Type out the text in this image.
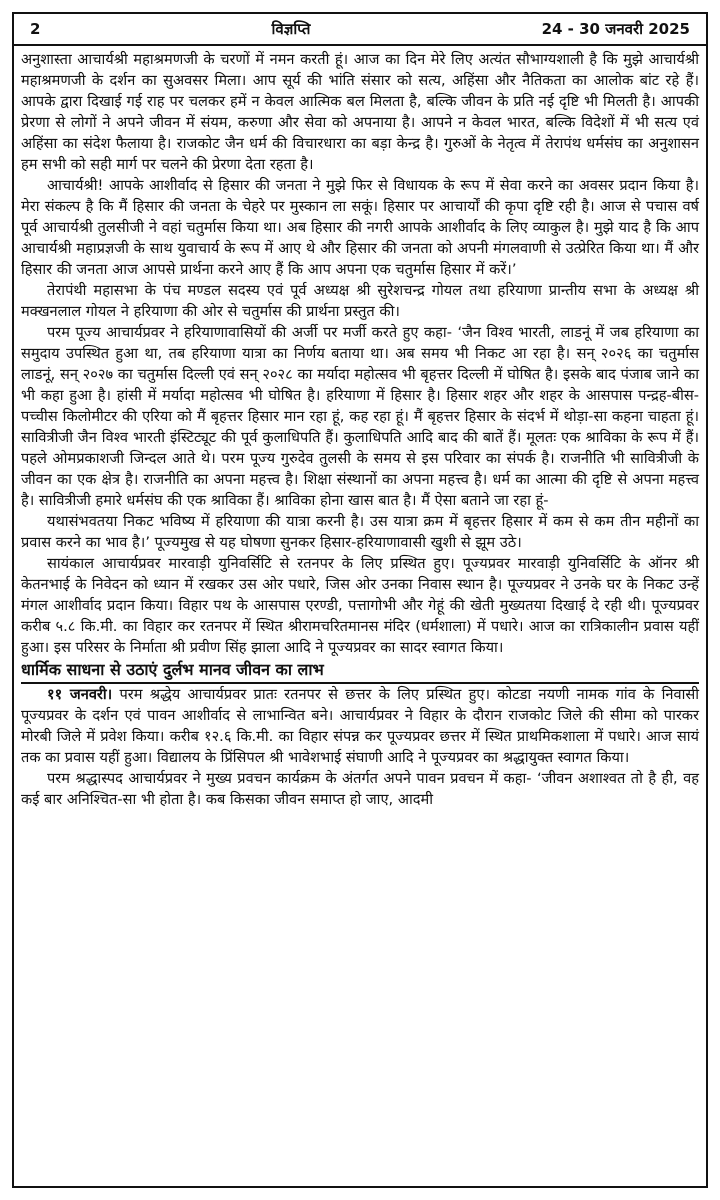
2	विज्ञप्ति	24 - 30 जनवरी 2025

अनुशास्ता आचार्यश्री महाश्रमणजी के चरणों में नमन करती हूं। आज का दिन मेरे लिए अत्यंत सौभाग्यशाली है कि मुझे आचार्यश्री महाश्रमणजी के दर्शन का सुअवसर मिला। आप सूर्य की भांति संसार को सत्य, अहिंसा और नैतिकता का आलोक बांट रहे हैं। आपके द्वारा दिखाई गई राह पर चलकर हमें न केवल आत्मिक बल मिलता है, बल्कि जीवन के प्रति नई दृष्टि भी मिलती है। आपकी प्रेरणा से लोगों ने अपने जीवन में संयम, करुणा और सेवा को अपनाया है। आपने न केवल भारत, बल्कि विदेशों में भी सत्य एवं अहिंसा का संदेश फैलाया है। राजकोट जैन धर्म की विचारधारा का बड़ा केन्द्र है। गुरुओं के नेतृत्व में तेरापंथ धर्मसंघ का अनुशासन हम सभी को सही मार्ग पर चलने की प्रेरणा देता रहता है।

आचार्यश्री! आपके आशीर्वाद से हिसार की जनता ने मुझे फिर से विधायक के रूप में सेवा करने का अवसर प्रदान किया है। मेरा संकल्प है कि मैं हिसार की जनता के चेहरे पर मुस्कान ला सकूं। हिसार पर आचार्यों की कृपा दृष्टि रही है। आज से पचास वर्ष पूर्व आचार्यश्री तुलसीजी ने वहां चतुर्मास किया था। अब हिसार की नगरी आपके आशीर्वाद के लिए व्याकुल है। मुझे याद है कि आप आचार्यश्री महाप्रज्ञजी के साथ युवाचार्य के रूप में आए थे और हिसार की जनता को अपनी मंगलवाणी से उत्प्रेरित किया था। मैं और हिसार की जनता आज आपसे प्रार्थना करने आए हैं कि आप अपना एक चतुर्मास हिसार में करें।’

तेरापंथी महासभा के पंच मण्डल सदस्य एवं पूर्व अध्यक्ष श्री सुरेशचन्द्र गोयल तथा हरियाणा प्रान्तीय सभा के अध्यक्ष श्री मक्खनलाल गोयल ने हरियाणा की ओर से चतुर्मास की प्रार्थना प्रस्तुत की।

परम पूज्य आचार्यप्रवर ने हरियाणावासियों की अर्जी पर मर्जी करते हुए कहा- ‘जैन विश्व भारती, लाडनूं में जब हरियाणा का समुदाय उपस्थित हुआ था, तब हरियाणा यात्रा का निर्णय बताया था। अब समय भी निकट आ रहा है। सन् २०२६ का चतुर्मास लाडनूं, सन् २०२७ का चतुर्मास दिल्ली एवं सन् २०२८ का मर्यादा महोत्सव भी बृहत्तर दिल्ली में घोषित है। इसके बाद पंजाब जाने का भी कहा हुआ है। हांसी में मर्यादा महोत्सव भी घोषित है। हरियाणा में हिसार है। हिसार शहर और शहर के आसपास पन्द्रह-बीस-पच्चीस किलोमीटर की एरिया को मैं बृहत्तर हिसार मान रहा हूं, कह रहा हूं। मैं बृहत्तर हिसार के संदर्भ में थोड़ा-सा कहना चाहता हूं। सावित्रीजी जैन विश्व भारती इंस्टिट्यूट की पूर्व कुलाधिपति हैं। कुलाधिपति आदि बाद की बातें हैं। मूलतः एक श्राविका के रूप में हैं। पहले ओमप्रकाशजी जिन्दल आते थे। परम पूज्य गुरुदेव तुलसी के समय से इस परिवार का संपर्क है। राजनीति भी सावित्रीजी के जीवन का एक क्षेत्र है। राजनीति का अपना महत्त्व है। शिक्षा संस्थानों का अपना महत्त्व है। धर्म का आत्मा की दृष्टि से अपना महत्त्व है। सावित्रीजी हमारे धर्मसंघ की एक श्राविका हैं। श्राविका होना खास बात है। मैं ऐसा बताने जा रहा हूं-

यथासंभवतया निकट भविष्य में हरियाणा की यात्रा करनी है। उस यात्रा क्रम में बृहत्तर हिसार में कम से कम तीन महीनों का प्रवास करने का भाव है।’ पूज्यमुख से यह घोषणा सुनकर हिसार-हरियाणावासी खुशी से झूम उठे।

सायंकाल आचार्यप्रवर मारवाड़ी युनिवर्सिटि से रतनपर के लिए प्रस्थित हुए। पूज्यप्रवर मारवाड़ी युनिवर्सिटि के ऑनर श्री केतनभाई के निवेदन को ध्यान में रखकर उस ओर पधारे, जिस ओर उनका निवास स्थान है। पूज्यप्रवर ने उनके घर के निकट उन्हें मंगल आशीर्वाद प्रदान किया। विहार पथ के आसपास एरण्डी, पत्तागोभी और गेहूं की खेती मुख्यतया दिखाई दे रही थी। पूज्यप्रवर करीब ५.८ कि.मी. का विहार कर रतनपर में स्थित श्रीरामचरितमानस मंदिर (धर्मशाला) में पधारे। आज का रात्रिकालीन प्रवास यहीं हुआ। इस परिसर के निर्माता श्री प्रवीण सिंह झाला आदि ने पूज्यप्रवर का सादर स्वागत किया।

धार्मिक साधना से उठाएं दुर्लभ मानव जीवन का लाभ

११ जनवरी। परम श्रद्धेय आचार्यप्रवर प्रातः रतनपर से छत्तर के लिए प्रस्थित हुए। कोटडा नयणी नामक गांव के निवासी पूज्यप्रवर के दर्शन एवं पावन आशीर्वाद से लाभान्वित बने। आचार्यप्रवर ने विहार के दौरान राजकोट जिले की सीमा को पारकर मोरबी जिले में प्रवेश किया। करीब १२.६ कि.मी. का विहार संपन्न कर पूज्यप्रवर छत्तर में स्थित प्राथमिकशाला में पधारे। आज सायं तक का प्रवास यहीं हुआ। विद्यालय के प्रिंसिपल श्री भावेशभाई संघाणी आदि ने पूज्यप्रवर का श्रद्धायुक्त स्वागत किया।

परम श्रद्धास्पद आचार्यप्रवर ने मुख्य प्रवचन कार्यक्रम के अंतर्गत अपने पावन प्रवचन में कहा- ‘जीवन अशाश्वत तो है ही, वह कई बार अनिश्चित-सा भी होता है। कब किसका जीवन समाप्त हो जाए, आदमी
